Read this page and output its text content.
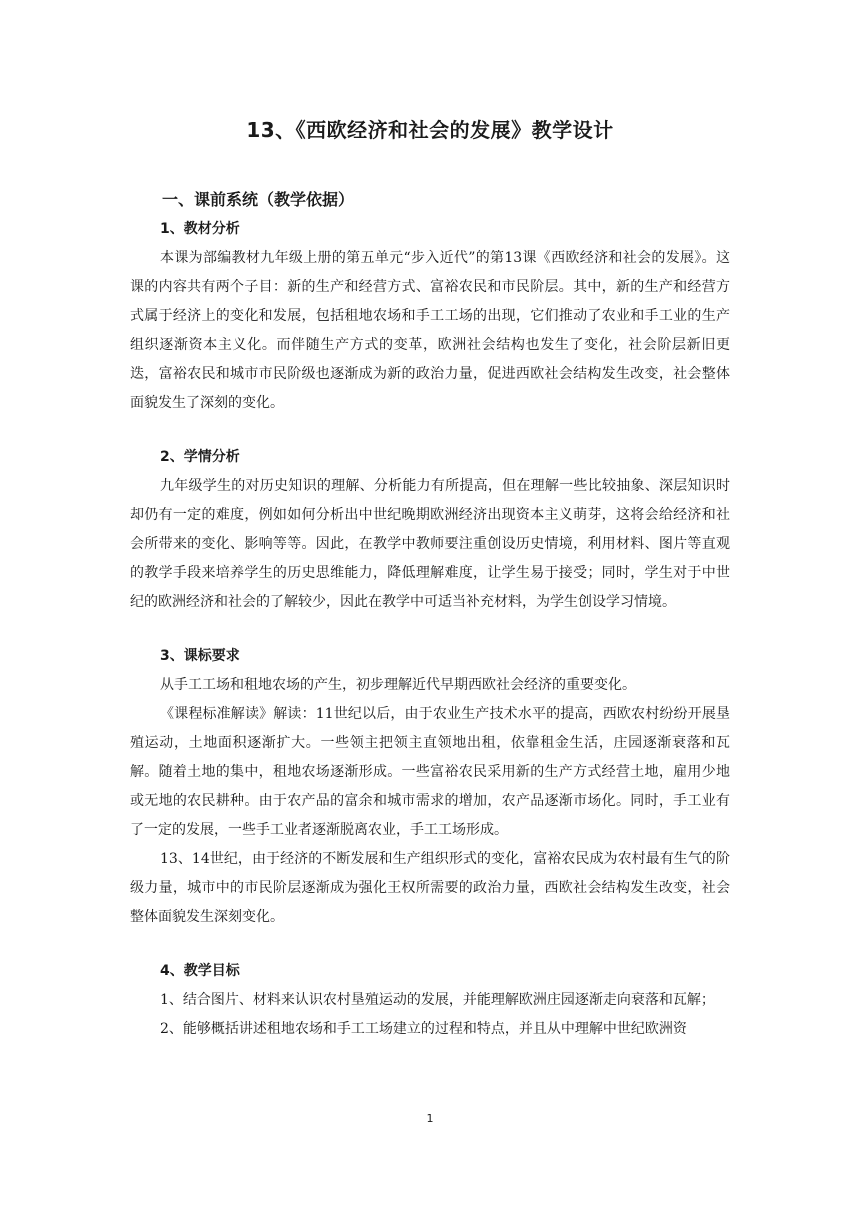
13、《西欧经济和社会的发展》教学设计
一、课前系统（教学依据）
1、教材分析

本课为部编教材九年级上册的第五单元“步入近代”的第13课《西欧经济和社会的发展》。这课的内容共有两个子目：新的生产和经营方式、富裕农民和市民阶层。其中，新的生产和经营方式属于经济上的变化和发展，包括租地农场和手工工场的出现，它们推动了农业和手工业的生产组织逐渐资本主义化。而伴随生产方式的变革，欧洲社会结构也发生了变化，社会阶层新旧更迭，富裕农民和城市市民阶级也逐渐成为新的政治力量，促进西欧社会结构发生改变，社会整体面貌发生了深刻的变化。

2、学情分析

九年级学生的对历史知识的理解、分析能力有所提高，但在理解一些比较抽象、深层知识时却仍有一定的难度，例如如何分析出中世纪晚期欧洲经济出现资本主义萌芽，这将会给经济和社会所带来的变化、影响等等。因此，在教学中教师要注重创设历史情境，利用材料、图片等直观的教学手段来培养学生的历史思维能力，降低理解难度，让学生易于接受；同时，学生对于中世纪的欧洲经济和社会的了解较少，因此在教学中可适当补充材料，为学生创设学习情境。

3、课标要求

从手工工场和租地农场的产生，初步理解近代早期西欧社会经济的重要变化。

《课程标准解读》解读：11世纪以后，由于农业生产技术水平的提高，西欧农村纷纷开展垦殖运动，土地面积逐渐扩大。一些领主把领主直领地出租，依靠租金生活，庄园逐渐衰落和瓦解。随着土地的集中，租地农场逐渐形成。一些富裕农民采用新的生产方式经营土地，雇用少地或无地的农民耕种。由于农产品的富余和城市需求的增加，农产品逐渐市场化。同时，手工业有了一定的发展，一些手工业者逐渐脱离农业，手工工场形成。

13、14世纪，由于经济的不断发展和生产组织形式的变化，富裕农民成为农村最有生气的阶级力量，城市中的市民阶层逐渐成为强化王权所需要的政治力量，西欧社会结构发生改变，社会整体面貌发生深刻变化。

4、教学目标

1、结合图片、材料来认识农村垦殖运动的发展，并能理解欧洲庄园逐渐走向衰落和瓦解；

2、能够概括讲述租地农场和手工工场建立的过程和特点，并且从中理解中世纪欧洲资

1
